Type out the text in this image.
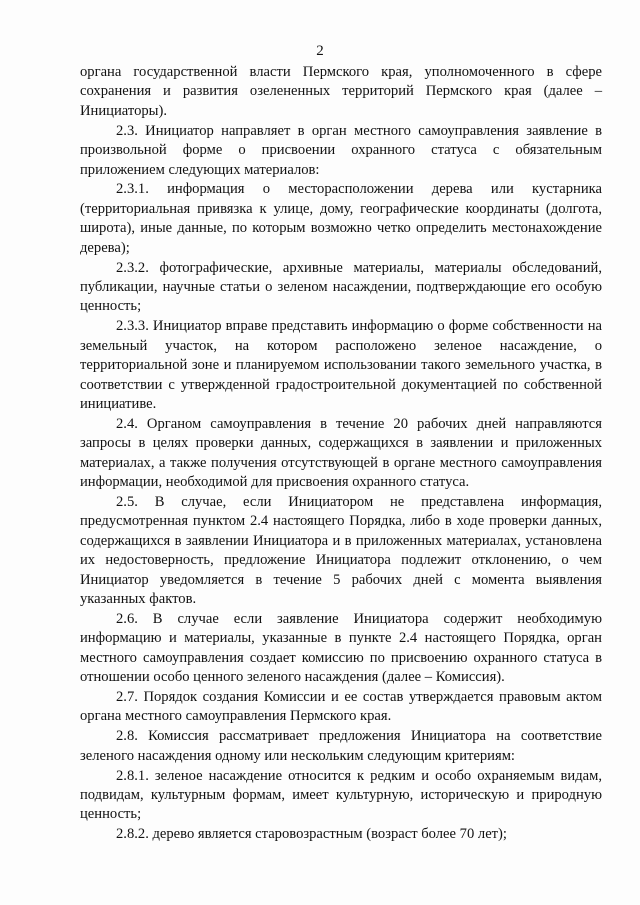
2

органа государственной власти Пермского края, уполномоченного в сфере сохранения и развития озелененных территорий Пермского края (далее – Инициаторы).

2.3. Инициатор направляет в орган местного самоуправления заявление в произвольной форме о присвоении охранного статуса с обязательным приложением следующих материалов:

2.3.1. информация о месторасположении дерева или кустарника (территориальная привязка к улице, дому, географические координаты (долгота, широта), иные данные, по которым возможно четко определить местонахождение дерева);

2.3.2. фотографические, архивные материалы, материалы обследований, публикации, научные статьи о зеленом насаждении, подтверждающие его особую ценность;

2.3.3. Инициатор вправе представить информацию о форме собственности на земельный участок, на котором расположено зеленое насаждение, о территориальной зоне и планируемом использовании такого земельного участка, в соответствии с утвержденной градостроительной документацией по собственной инициативе.

2.4. Органом самоуправления в течение 20 рабочих дней направляются запросы в целях проверки данных, содержащихся в заявлении и приложенных материалах, а также получения отсутствующей в органе местного самоуправления информации, необходимой для присвоения охранного статуса.

2.5. В случае, если Инициатором не представлена информация, предусмотренная пунктом 2.4 настоящего Порядка, либо в ходе проверки данных, содержащихся в заявлении Инициатора и в приложенных материалах, установлена их недостоверность, предложение Инициатора подлежит отклонению, о чем Инициатор уведомляется в течение 5 рабочих дней с момента выявления указанных фактов.

2.6. В случае если заявление Инициатора содержит необходимую информацию и материалы, указанные в пункте 2.4 настоящего Порядка, орган местного самоуправления создает комиссию по присвоению охранного статуса в отношении особо ценного зеленого насаждения (далее – Комиссия).

2.7. Порядок создания Комиссии и ее состав утверждается правовым актом органа местного самоуправления Пермского края.

2.8. Комиссия рассматривает предложения Инициатора на соответствие зеленого насаждения одному или нескольким следующим критериям:

2.8.1. зеленое насаждение относится к редким и особо охраняемым видам, подвидам, культурным формам, имеет культурную, историческую и природную ценность;

2.8.2. дерево является старовозрастным (возраст более 70 лет);
